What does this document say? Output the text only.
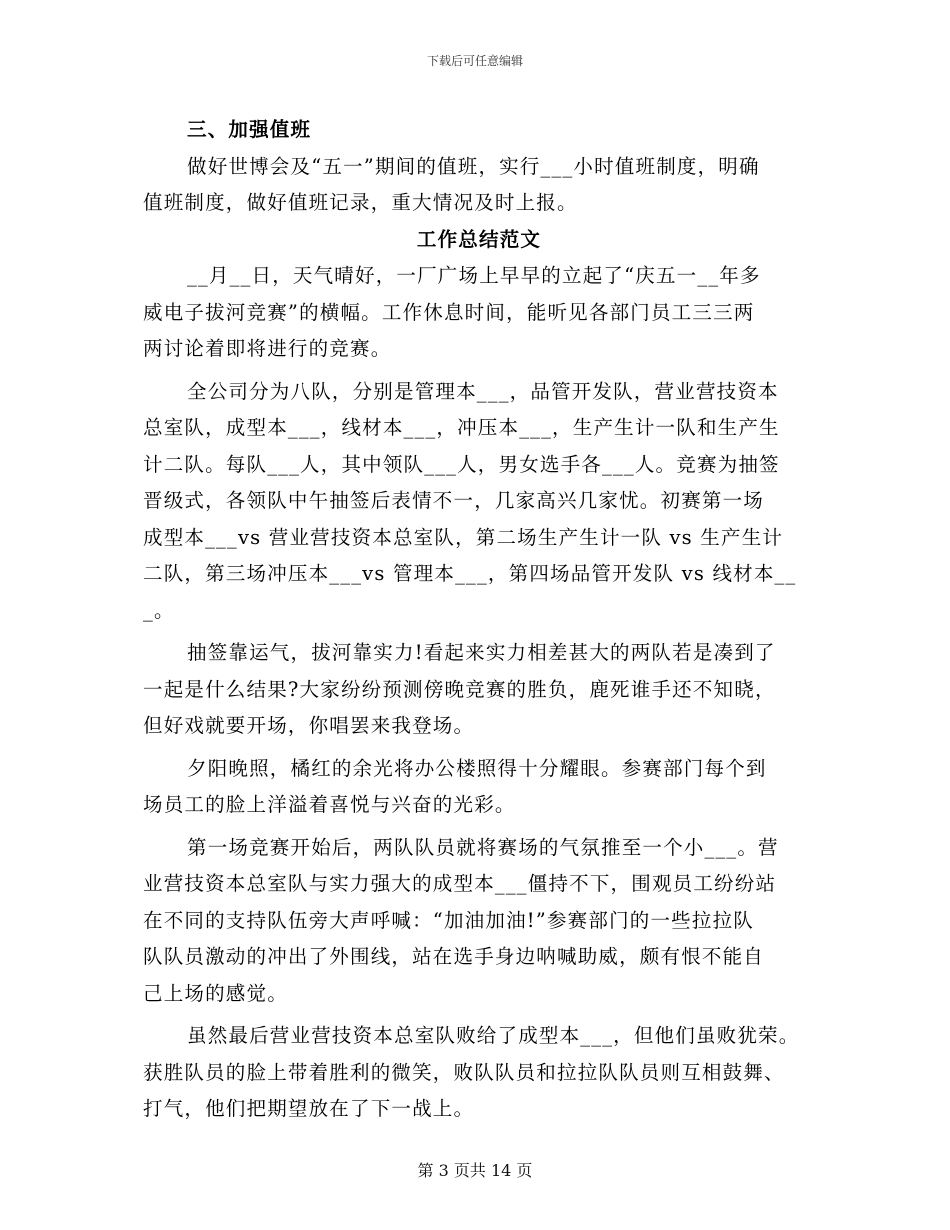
下载后可任意编辑
三、加强值班
做好世博会及“五一”期间的值班，实行___小时值班制度，明确
值班制度，做好值班记录，重大情况及时上报。
工作总结范文
__月__日，天气晴好，一厂广场上早早的立起了“庆五一__年多
威电子拔河竞赛”的横幅。工作休息时间，能听见各部门员工三三两
两讨论着即将进行的竞赛。
全公司分为八队，分别是管理本___，品管开发队，营业营技资本
总室队，成型本___，线材本___，冲压本___，生产生计一队和生产生
计二队。每队___人，其中领队___人，男女选手各___人。竞赛为抽签
晋级式，各领队中午抽签后表情不一，几家高兴几家忧。初赛第一场
成型本___vs 营业营技资本总室队，第二场生产生计一队 vs 生产生计
二队，第三场冲压本___vs 管理本___，第四场品管开发队 vs 线材本__
_。
抽签靠运气，拔河靠实力!看起来实力相差甚大的两队若是凑到了
一起是什么结果?大家纷纷预测傍晚竞赛的胜负，鹿死谁手还不知晓，
但好戏就要开场，你唱罢来我登场。
夕阳晚照，橘红的余光将办公楼照得十分耀眼。参赛部门每个到
场员工的脸上洋溢着喜悦与兴奋的光彩。
第一场竞赛开始后，两队队员就将赛场的气氛推至一个小___。营
业营技资本总室队与实力强大的成型本___僵持不下，围观员工纷纷站
在不同的支持队伍旁大声呼喊：“加油加油!”参赛部门的一些拉拉队
队队员激动的冲出了外围线，站在选手身边呐喊助威，颇有恨不能自
己上场的感觉。
虽然最后营业营技资本总室队败给了成型本___，但他们虽败犹荣。
获胜队员的脸上带着胜利的微笑，败队队员和拉拉队队员则互相鼓舞、
打气，他们把期望放在了下一战上。
第 3 页共 14 页
